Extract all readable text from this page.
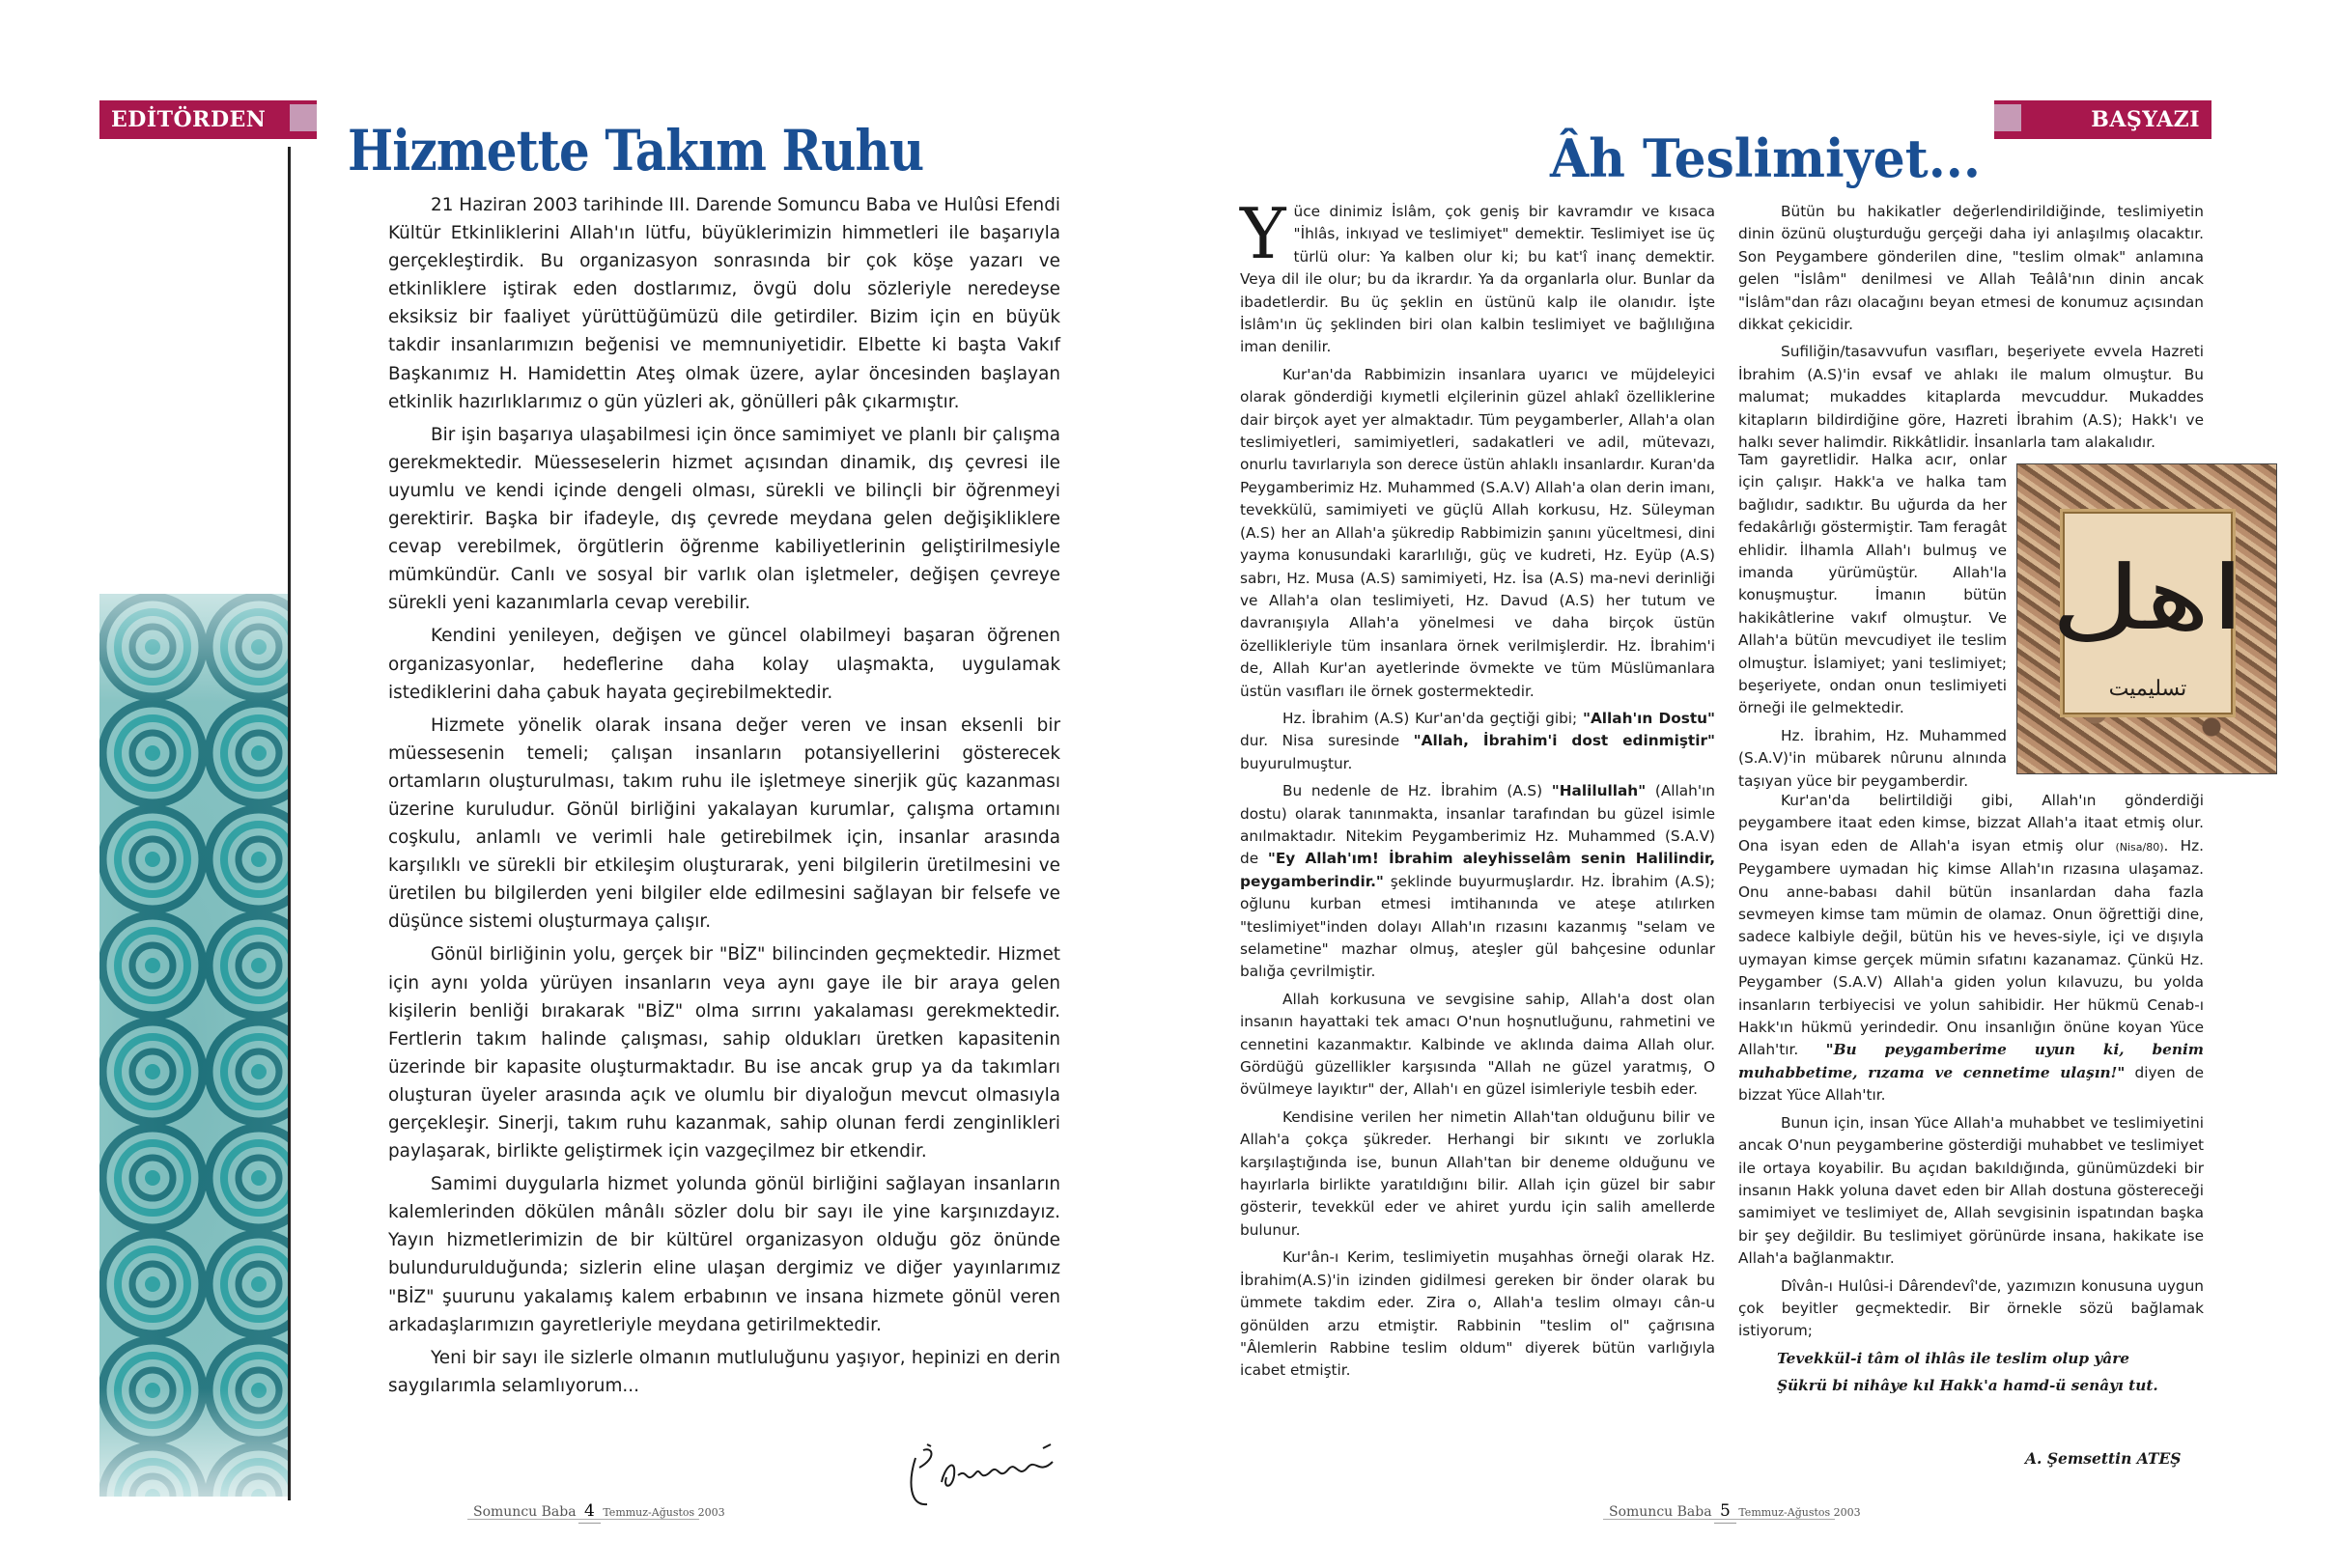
EDİTÖRDEN Hizmette Takım Ruhu

21 Haziran 2003 tarihinde III. Darende Somuncu Baba ve Hulûsi Efendi Kültür Etkinliklerini Allah'ın lütfu, büyüklerimizin himmetleri ile başarıyla gerçekleştirdik. Bu organizasyon sonrasında bir çok köşe yazarı ve etkinliklere iştirak eden dostlarımız, övgü dolu sözleriyle neredeyse eksiksiz bir faaliyet yürüttüğümüzü dile getirdiler. Bizim için en büyük takdir insanlarımızın beğenisi ve memnuniyetidir. Elbette ki başta Vakıf Başkanımız H. Hamidettin Ateş olmak üzere, aylar öncesinden başlayan etkinlik hazırlıklarımız o gün yüzleri ak, gönülleri pâk çıkarmıştır.

Bir işin başarıya ulaşabilmesi için önce samimiyet ve planlı bir çalışma gerekmektedir. Müesseselerin hizmet açısından dinamik, dış çevresi ile uyumlu ve kendi içinde dengeli olması, sürekli ve bilinçli bir öğrenmeyi gerektirir. Başka bir ifadeyle, dış çevrede meydana gelen değişikliklere cevap verebilmek, örgütlerin öğrenme kabiliyetlerinin geliştirilmesiyle mümkündür. Canlı ve sosyal bir varlık olan işletmeler, değişen çevreye sürekli yeni kazanımlarla cevap verebilir.

Kendini yenileyen, değişen ve güncel olabilmeyi başaran öğrenen organizasyonlar, hedeflerine daha kolay ulaşmakta, uygulamak istediklerini daha çabuk hayata geçirebilmektedir.

Hizmete yönelik olarak insana değer veren ve insan eksenli bir müessesenin temeli; çalışan insanların potansiyellerini gösterecek ortamların oluşturulması, takım ruhu ile işletmeye sinerjik güç kazanması üzerine kuruludur. Gönül birliğini yakalayan kurumlar, çalışma ortamını coşkulu, anlamlı ve verimli hale getirebilmek için, insanlar arasında karşılıklı ve sürekli bir etkileşim oluşturarak, yeni bilgilerin üretilmesini ve üretilen bu bilgilerden yeni bilgiler elde edilmesini sağlayan bir felsefe ve düşünce sistemi oluşturmaya çalışır.

Gönül birliğinin yolu, gerçek bir "BİZ" bilincinden geçmektedir. Hizmet için aynı yolda yürüyen insanların veya aynı gaye ile bir araya gelen kişilerin benliği bırakarak "BİZ" olma sırrını yakalaması gerekmektedir. Fertlerin takım halinde çalışması, sahip oldukları üretken kapasitenin üzerinde bir kapasite oluşturmaktadır. Bu ise ancak grup ya da takımları oluşturan üyeler arasında açık ve olumlu bir diyaloğun mevcut olmasıyla gerçekleşir. Sinerji, takım ruhu kazanmak, sahip olunan ferdi zenginlikleri paylaşarak, birlikte geliştirmek için vazgeçilmez bir etkendir.

Samimi duygularla hizmet yolunda gönül birliğini sağlayan insanların kalemlerinden dökülen mânâlı sözler dolu bir sayı ile yine karşınızdayız. Yayın hizmetlerimizin de bir kültürel organizasyon olduğu göz önünde bulundurulduğunda; sizlerin eline ulaşan dergimiz ve diğer yayınlarımız "BİZ" şuurunu yakalamış kalem erbabının ve insana hizmete gönül veren arkadaşlarımızın gayretleriyle meydana getirilmektedir.

Yeni bir sayı ile sizlerle olmanın mutluluğunu yaşıyor, hepinizi en derin saygılarımla selamlıyorum...

Somuncu Baba 4 Temmuz-Ağustos 2003
BAŞYAZI
Âh Teslimiyet...

Yüce dinimiz İslâm, çok geniş bir kavramdır ve kısaca "İhlâs, inkıyad ve teslimiyet" demektir. Teslimiyet ise üç türlü olur: Ya kalben olur ki; bu kat'î inanç demektir. Veya dil ile olur; bu da ikrardır. Ya da organlarla olur. Bunlar da ibadetlerdir. Bu üç şeklin en üstünü kalp ile olanıdır. İşte İslâm'ın üç şeklinden biri olan kalbin teslimiyet ve bağlılığına iman denilir.

Kur'an'da Rabbimizin insanlara uyarıcı ve müjdeleyici olarak gönderdiği kıymetli elçilerinin güzel ahlakî özelliklerine dair birçok ayet yer almaktadır. Tüm peygamberler, Allah'a olan teslimiyetleri, samimiyetleri, sadakatleri ve adil, mütevazı, onurlu tavırlarıyla son derece üstün ahlaklı insanlardır. Kuran'da Peygamberimiz Hz. Muhammed (S.A.V) Allah'a olan derin imanı, tevekkülü, samimiyeti ve güçlü Allah korkusu, Hz. Süleyman (A.S) her an Allah'a şükredip Rabbimizin şanını yüceltmesi, dini yayma konusundaki kararlılığı, güç ve kudreti, Hz. Eyüp (A.S) sabrı, Hz. Musa (A.S) samimiyeti, Hz. İsa (A.S) ma-nevi derinliği ve Allah'a olan teslimiyeti, Hz. Davud (A.S) her tutum ve davranışıyla Allah'a yönelmesi ve daha birçok üstün özellikleriyle tüm insanlara örnek verilmişlerdir. Hz. İbrahim'i de, Allah Kur'an ayetlerinde övmekte ve tüm Müslümanlara üstün vasıfları ile örnek gostermektedir.

Hz. İbrahim (A.S) Kur'an'da geçtiği gibi; "Allah'ın Dostu" dur. Nisa suresinde "Allah, İbrahim'i dost edinmiştir" buyurulmuştur.

Bu nedenle de Hz. İbrahim (A.S) "Halilullah" (Allah'ın dostu) olarak tanınmakta, insanlar tarafından bu güzel isimle anılmaktadır. Nitekim Peygamberimiz Hz. Muhammed (S.A.V) de "Ey Allah'ım! İbrahim aleyhisselâm senin Halilindir, peygamberindir." şeklinde buyurmuşlardır. Hz. İbrahim (A.S); oğlunu kurban etmesi imtihanında ve ateşe atılırken "teslimiyet"inden dolayı Allah'ın rızasını kazanmış "selam ve selametine" mazhar olmuş, ateşler gül bahçesine odunlar balığa çevrilmiştir.

Allah korkusuna ve sevgisine sahip, Allah'a dost olan insanın hayattaki tek amacı O'nun hoşnutluğunu, rahmetini ve cennetini kazanmaktır. Kalbinde ve aklında daima Allah olur. Gördüğü güzellikler karşısında "Allah ne güzel yaratmış, O övülmeye layıktır" der, Allah'ı en güzel isimleriyle tesbih eder.

Kendisine verilen her nimetin Allah'tan olduğunu bilir ve Allah'a çokça şükreder. Herhangi bir sıkıntı ve zorlukla karşılaştığında ise, bunun Allah'tan bir deneme olduğunu ve hayırlarla birlikte yaratıldığını bilir. Allah için güzel bir sabır gösterir, tevekkül eder ve ahiret yurdu için salih amellerde bulunur.

Kur'ân-ı Kerim, teslimiyetin muşahhas örneği olarak Hz. İbrahim(A.S)'in izinden gidilmesi gereken bir önder olarak bu ümmete takdim eder. Zira o, Allah'a teslim olmayı cân-u gönülden arzu etmiştir. Rabbinin "teslim ol" çağrısına "Âlemlerin Rabbine teslim oldum" diyerek bütün varlığıyla icabet etmiştir.

Bütün bu hakikatler değerlendirildiğinde, teslimiyetin dinin özünü oluşturduğu gerçeği daha iyi anlaşılmış olacaktır. Son Peygambere gönderilen dine, "teslim olmak" anlamına gelen "İslâm" denilmesi ve Allah Teâlâ'nın dinin ancak "İslâm"dan râzı olacağını beyan etmesi de konumuz açısından dikkat çekicidir.

Sufiliğin/tasavvufun vasıfları, beşeriyete evvela Hazreti İbrahim (A.S)'in evsaf ve ahlakı ile malum olmuştur. Bu malumat; mukaddes kitaplarda mevcuddur. Mukaddes kitapların bildirdiğine göre, Hazreti İbrahim (A.S); Hakk'ı ve halkı sever halimdir. Rikkâtlidir. İnsanlarla tam alakalıdır.

Tam gayretlidir. Halka acır, onlar için çalışır. Hakk'a ve halka tam bağlıdır, sadıktır. Bu uğurda da her fedakârlığı göstermiştir. Tam feragât ehlidir. İlhamla Allah'ı bulmuş ve imanda yürümüştür. Allah'la konuşmuştur. İmanın bütün hakikâtlerine vakıf olmuştur. Ve Allah'a bütün mevcudiyet ile teslim olmuştur. İslamiyet; yani teslimiyet; beşeriyete, ondan onun teslimiyeti örneği ile gelmektedir.

Hz. İbrahim, Hz. Muhammed (S.A.V)'in mübarek nûrunu alnında taşıyan yüce bir peygamberdir.

اهل
تسليميت

Kur'an'da belirtildiği gibi, Allah'ın gönderdiği peygambere itaat eden kimse, bizzat Allah'a itaat etmiş olur. Ona isyan eden de Allah'a isyan etmiş olur (Nisa/80). Hz. Peygambere uymadan hiç kimse Allah'ın rızasına ulaşamaz. Onu anne-babası dahil bütün insanlardan daha fazla sevmeyen kimse tam mümin de olamaz. Onun öğrettiği dine, sadece kalbiyle değil, bütün his ve heves-siyle, içi ve dışıyla uymayan kimse gerçek mümin sıfatını kazanamaz. Çünkü Hz. Peygamber (S.A.V) Allah'a giden yolun kılavuzu, bu yolda insanların terbiyecisi ve yolun sahibidir. Her hükmü Cenab-ı Hakk'ın hükmü yerindedir. Onu insanlığın önüne koyan Yüce Allah'tır. "Bu peygamberime uyun ki, benim muhabbetime, rızama ve cennetime ulaşın!" diyen de bizzat Yüce Allah'tır.

Bunun için, insan Yüce Allah'a muhabbet ve teslimiyetini ancak O'nun peygamberine gösterdiği muhabbet ve teslimiyet ile ortaya koyabilir. Bu açıdan bakıldığında, günümüzdeki bir insanın Hakk yoluna davet eden bir Allah dostuna göstereceği samimiyet ve teslimiyet de, Allah sevgisinin ispatından başka bir şey değildir. Bu teslimiyet görünürde insana, hakikate ise Allah'a bağlanmaktır.

Dîvân-ı Hulûsi-i Dârendevî'de, yazımızın konusuna uygun çok beyitler geçmektedir. Bir örnekle sözü bağlamak istiyorum;

Tevekkül-i tâm ol ihlâs ile teslim olup yâre

Şükrü bi nihâye kıl Hakk'a hamd-ü senâyı tut.

A. Şemsettin ATEŞ
Somuncu Baba 5 Temmuz-Ağustos 2003
